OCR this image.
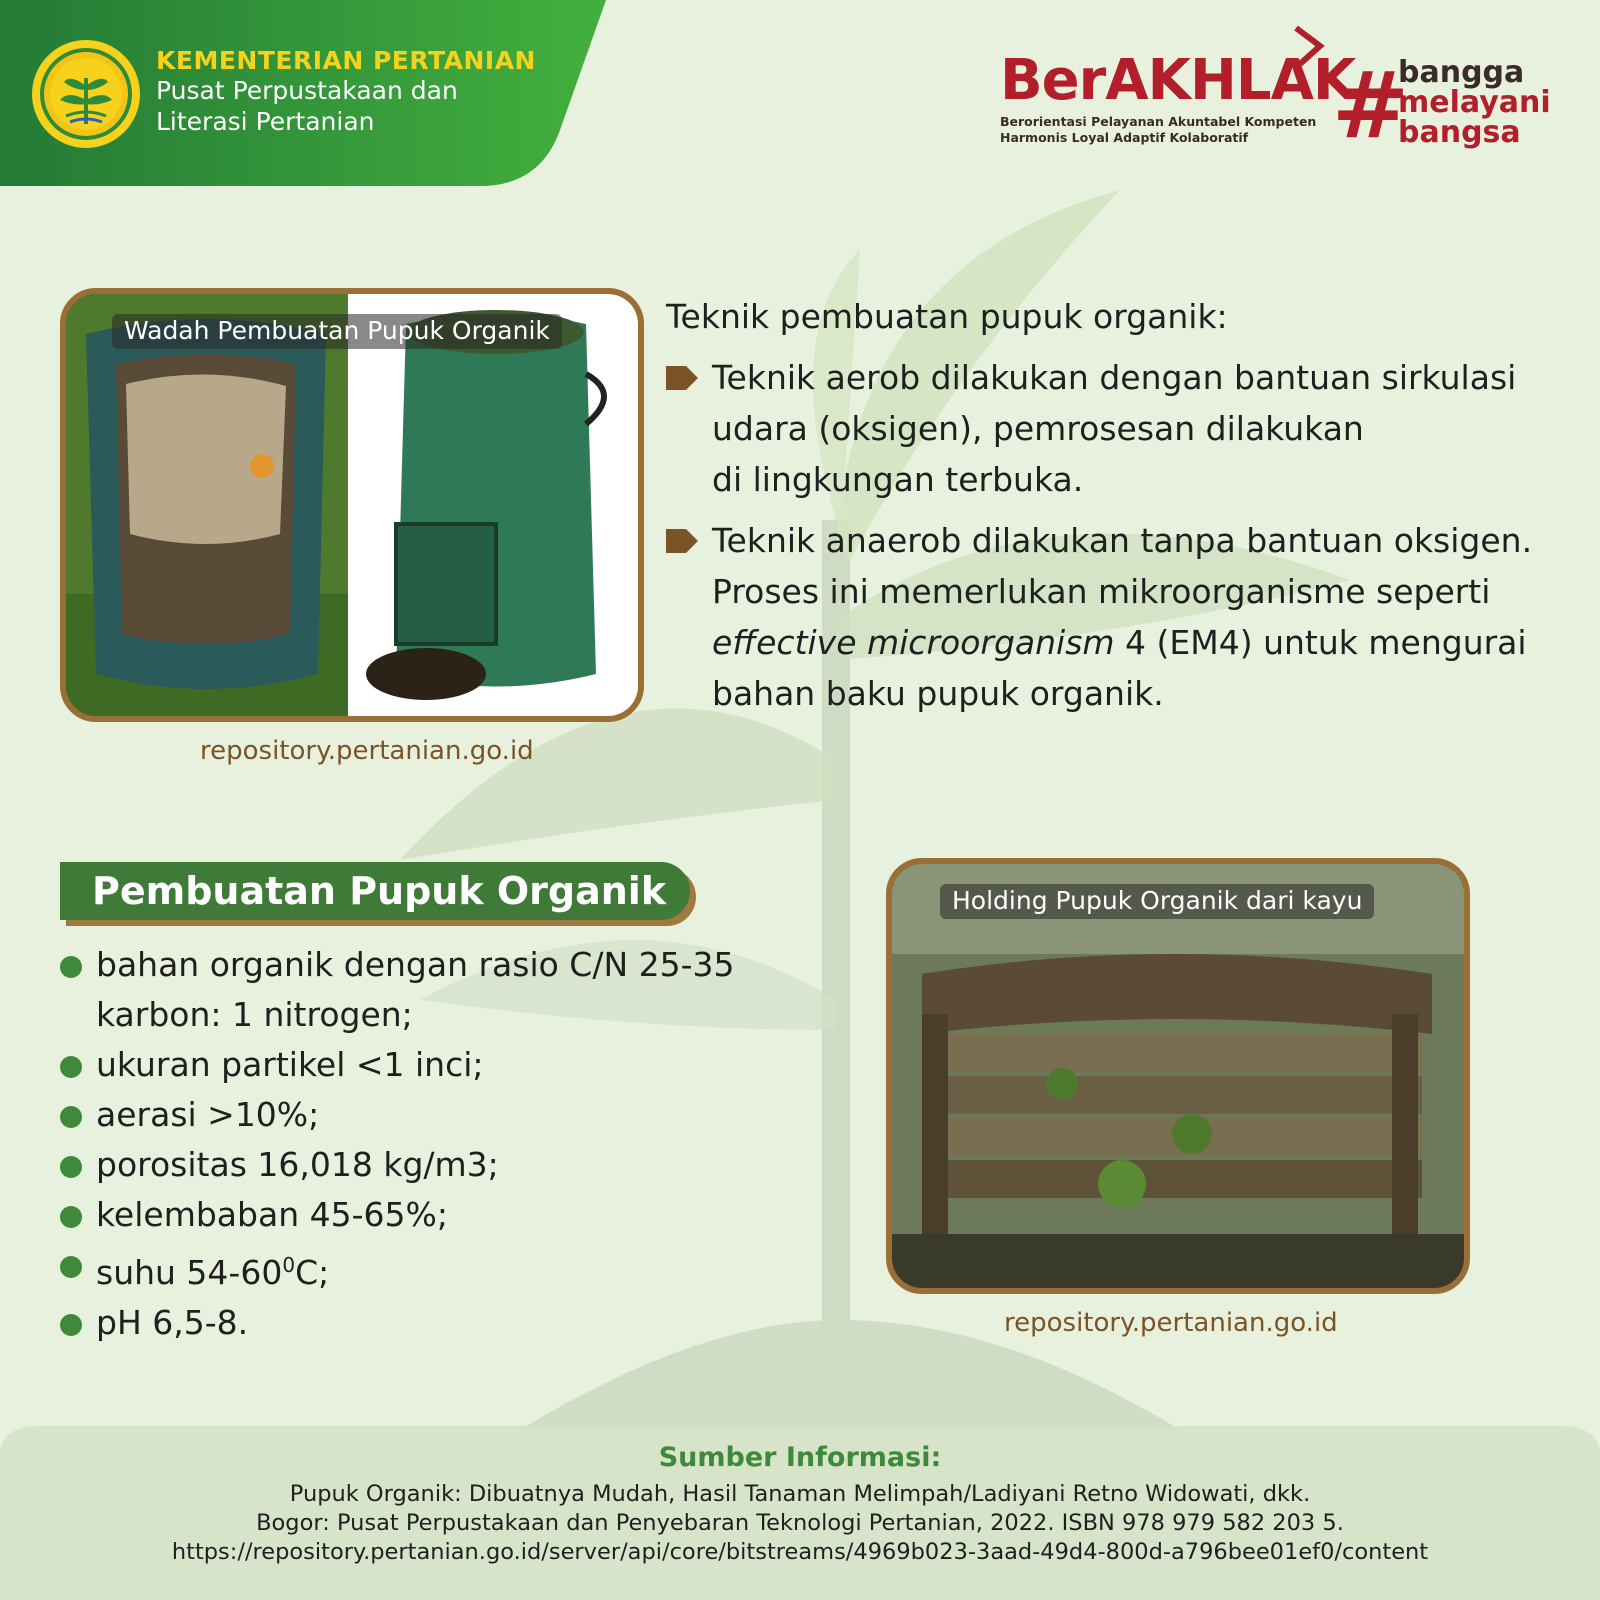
KEMENTERIAN PERTANIAN
Pusat Perpustakaan dan
Literasi Pertanian
BerAKHLAK
Berorientasi Pelayanan Akuntabel Kompeten
Harmonis Loyal Adaptif Kolaboratif #
bangga
melayani
bangsa
Wadah Pembuatan Pupuk Organik
repository.pertanian.go.id
Teknik pembuatan pupuk organik:
Teknik aerob dilakukan dengan bantuan sirkulasi
udara (oksigen), pemrosesan dilakukan
di lingkungan terbuka.
Teknik anaerob dilakukan tanpa bantuan oksigen.
Proses ini memerlukan mikroorganisme seperti
effective microorganism 4 (EM4) untuk mengurai
bahan baku pupuk organik.
Pembuatan Pupuk Organik
bahan organik dengan rasio C/N 25-35
karbon: 1 nitrogen;
ukuran partikel <1 inci;
aerasi >10%;
porositas 16,018 kg/m3;
kelembaban 45-65%;
suhu $54-60^0C$;
pH 6,5-8.
Holding Pupuk Organik dari kayu
repository.pertanian.go.id
Sumber Informasi:
Pupuk Organik: Dibuatnya Mudah, Hasil Tanaman Melimpah/Ladiyani Retno Widowati, dkk.
Bogor: Pusat Perpustakaan dan Penyebaran Teknologi Pertanian, 2022. ISBN 978 979 582 203 5.
https://repository.pertanian.go.id/server/api/core/bitstreams/4969b023-3aad-49d4-800d-a796bee01ef0/content
